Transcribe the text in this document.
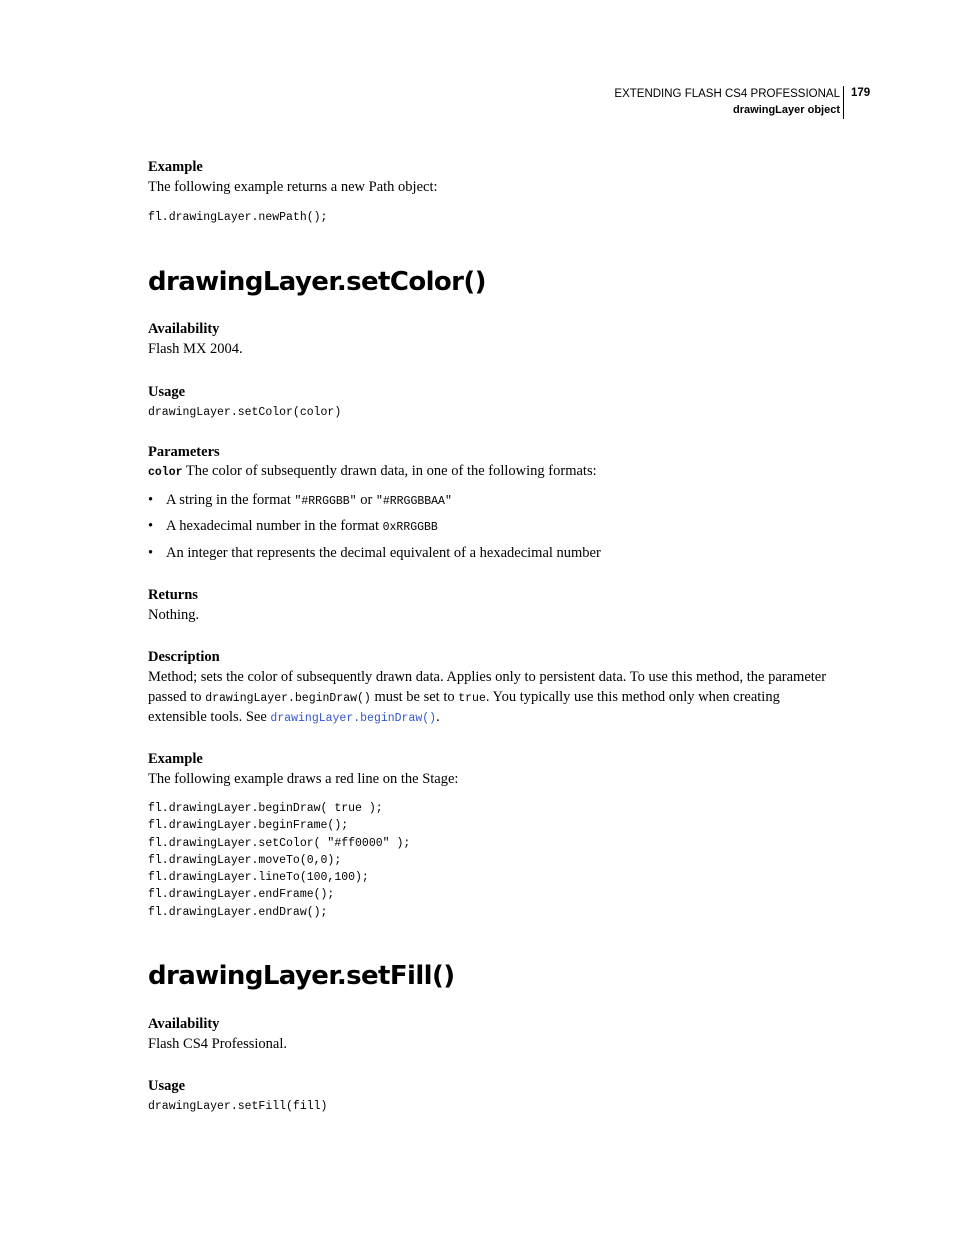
EXTENDING FLASH CS4 PROFESSIONAL
drawingLayer object
179
Example
The following example returns a new Path object:
fl.drawingLayer.newPath();
drawingLayer.setColor()
Availability
Flash MX 2004.
Usage
drawingLayer.setColor(color)
Parameters
color The color of subsequently drawn data, in one of the following formats:
• A string in the format "#RRGGBB" or "#RRGGBBAA"
• A hexadecimal number in the format 0xRRGGBB
• An integer that represents the decimal equivalent of a hexadecimal number
Returns
Nothing.
Description
Method; sets the color of subsequently drawn data. Applies only to persistent data. To use this method, the parameter passed to drawingLayer.beginDraw() must be set to true. You typically use this method only when creating extensible tools. See drawingLayer.beginDraw().
Example
The following example draws a red line on the Stage:
fl.drawingLayer.beginDraw( true );
fl.drawingLayer.beginFrame();
fl.drawingLayer.setColor( "#ff0000" );
fl.drawingLayer.moveTo(0,0);
fl.drawingLayer.lineTo(100,100);
fl.drawingLayer.endFrame();
fl.drawingLayer.endDraw();
drawingLayer.setFill()
Availability
Flash CS4 Professional.
Usage
drawingLayer.setFill(fill)
